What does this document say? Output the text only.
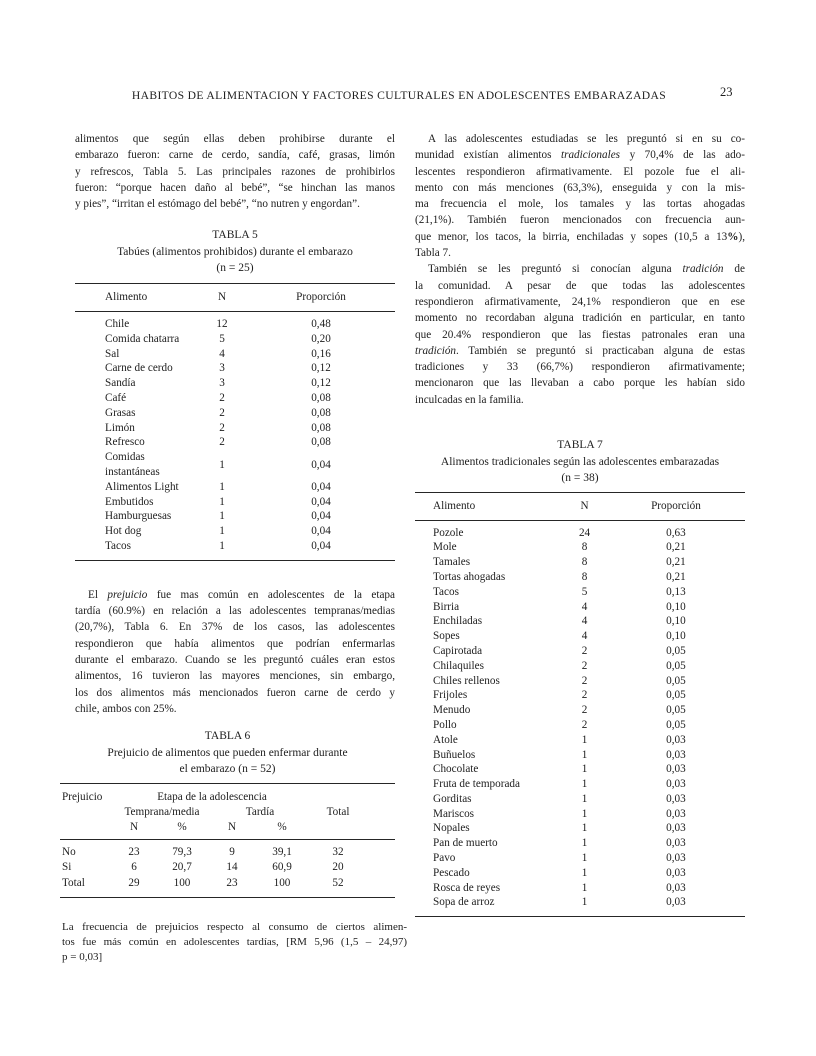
HABITOS DE ALIMENTACION Y FACTORES CULTURALES EN ADOLESCENTES EMBARAZADAS	23
alimentos que según ellas deben prohibirse durante el
embarazo fueron: carne de cerdo, sandía, café, grasas, limón
y refrescos, Tabla 5. Las principales razones de prohibirlos
fueron: “porque hacen daño al bebé”, “se hinchan las manos
y pies”, “irritan el estómago del bebé”, “no nutren y engordan”.
TABLA 5
Tabúes (alimentos prohibidos) durante el embarazo
(n = 25)
Alimento	N	Proporción
Chile	12	0,48
Comida chatarra	5	0,20
Sal	4	0,16
Carne de cerdo	3	0,12
Sandía	3	0,12
Café	2	0,08
Grasas	2	0,08
Limón	2	0,08
Refresco	2	0,08
Comidas instantáneas	1	0,04
Alimentos Light	1	0,04
Embutidos	1	0,04
Hamburguesas	1	0,04
Hot dog	1	0,04
Tacos	1	0,04
El prejuicio fue mas común en adolescentes de la etapa
tardía (60.9%) en relación a las adolescentes tempranas/medias
(20,7%), Tabla 6. En 37% de los casos, las adolescentes
respondieron que había alimentos que podrían enfermarlas
durante el embarazo. Cuando se les preguntó cuáles eran estos
alimentos, 16 tuvieron las mayores menciones, sin embargo,
los dos alimentos más mencionados fueron carne de cerdo y
chile, ambos con 25%.
TABLA 6
Prejuicio de alimentos que pueden enfermar durante
el embarazo (n = 52)
Prejuicio	Etapa de la adolescencia					
	Temprana/media		Tardía		Total	
	N	%	N	%		
No	23	79,3	9	39,1	32	
Si	6	20,7	14	60,9	20	
Total	29	100	23	100	52	
La frecuencia de prejuicios respecto al consumo de ciertos alimen-
tos fue más común en adolescentes tardías, [RM 5,96 (1,5 – 24,97)
p = 0,03]
A las adolescentes estudiadas se les preguntó si en su co-
munidad existían alimentos tradicionales y 70,4% de las ado-
lescentes respondieron afirmativamente. El pozole fue el ali-
mento con más menciones (63,3%), enseguida y con la mis-
ma frecuencia el mole, los tamales y las tortas ahogadas
(21,1%). También fueron mencionados con frecuencia aun-
que menor, los tacos, la birria, enchiladas y sopes (10,5 a 13%),
Tabla 7.
También se les preguntó si conocían alguna tradición de
la comunidad. A pesar de que todas las adolescentes
respondieron afirmativamente, 24,1% respondieron que en ese
momento no recordaban alguna tradición en particular, en tanto
que 20.4% respondieron que las fiestas patronales eran una
tradición. También se preguntó si practicaban alguna de estas
tradiciones y 33 (66,7%) respondieron afirmativamente;
mencionaron que las llevaban a cabo porque les habían sido
inculcadas en la familia.
TABLA 7
Alimentos tradicionales según las adolescentes embarazadas
(n = 38)
Alimento	N	Proporción	
Pozole	24	0,63	
Mole	8	0,21	
Tamales	8	0,21	
Tortas ahogadas	8	0,21	
Tacos	5	0,13	
Birria	4	0,10	
Enchiladas	4	0,10	
Sopes	4	0,10	
Capirotada	2	0,05	
Chilaquiles	2	0,05	
Chiles rellenos	2	0,05	
Frijoles	2	0,05	
Menudo	2	0,05	
Pollo	2	0,05	
Atole	1	0,03	
Buñuelos	1	0,03	
Chocolate	1	0,03	
Fruta de temporada	1	0,03	
Gorditas	1	0,03	
Mariscos	1	0,03	
Nopales	1	0,03	
Pan de muerto	1	0,03	
Pavo	1	0,03	
Pescado	1	0,03	
Rosca de reyes	1	0,03	
Sopa de arroz	1	0,03	
